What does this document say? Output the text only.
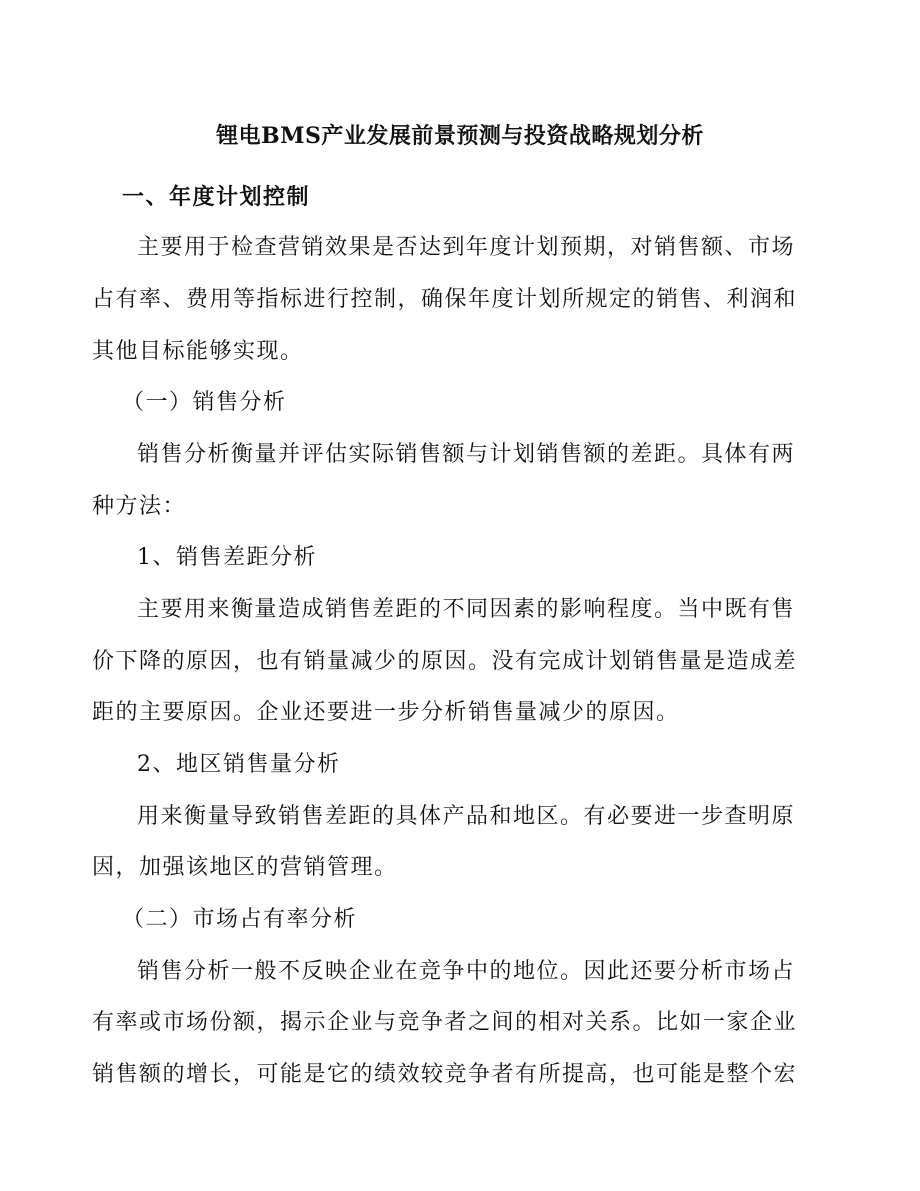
锂电BMS产业发展前景预测与投资战略规划分析
一、年度计划控制
主要用于检查营销效果是否达到年度计划预期，对销售额、市场
占有率、费用等指标进行控制，确保年度计划所规定的销售、利润和
其他目标能够实现。
（一）销售分析
销售分析衡量并评估实际销售额与计划销售额的差距。具体有两
种方法：
1、销售差距分析
主要用来衡量造成销售差距的不同因素的影响程度。当中既有售
价下降的原因，也有销量减少的原因。没有完成计划销售量是造成差
距的主要原因。企业还要进一步分析销售量减少的原因。
2、地区销售量分析
用来衡量导致销售差距的具体产品和地区。有必要进一步查明原
因，加强该地区的营销管理。
（二）市场占有率分析
销售分析一般不反映企业在竞争中的地位。因此还要分析市场占
有率或市场份额，揭示企业与竞争者之间的相对关系。比如一家企业
销售额的增长，可能是它的绩效较竞争者有所提高，也可能是整个宏
